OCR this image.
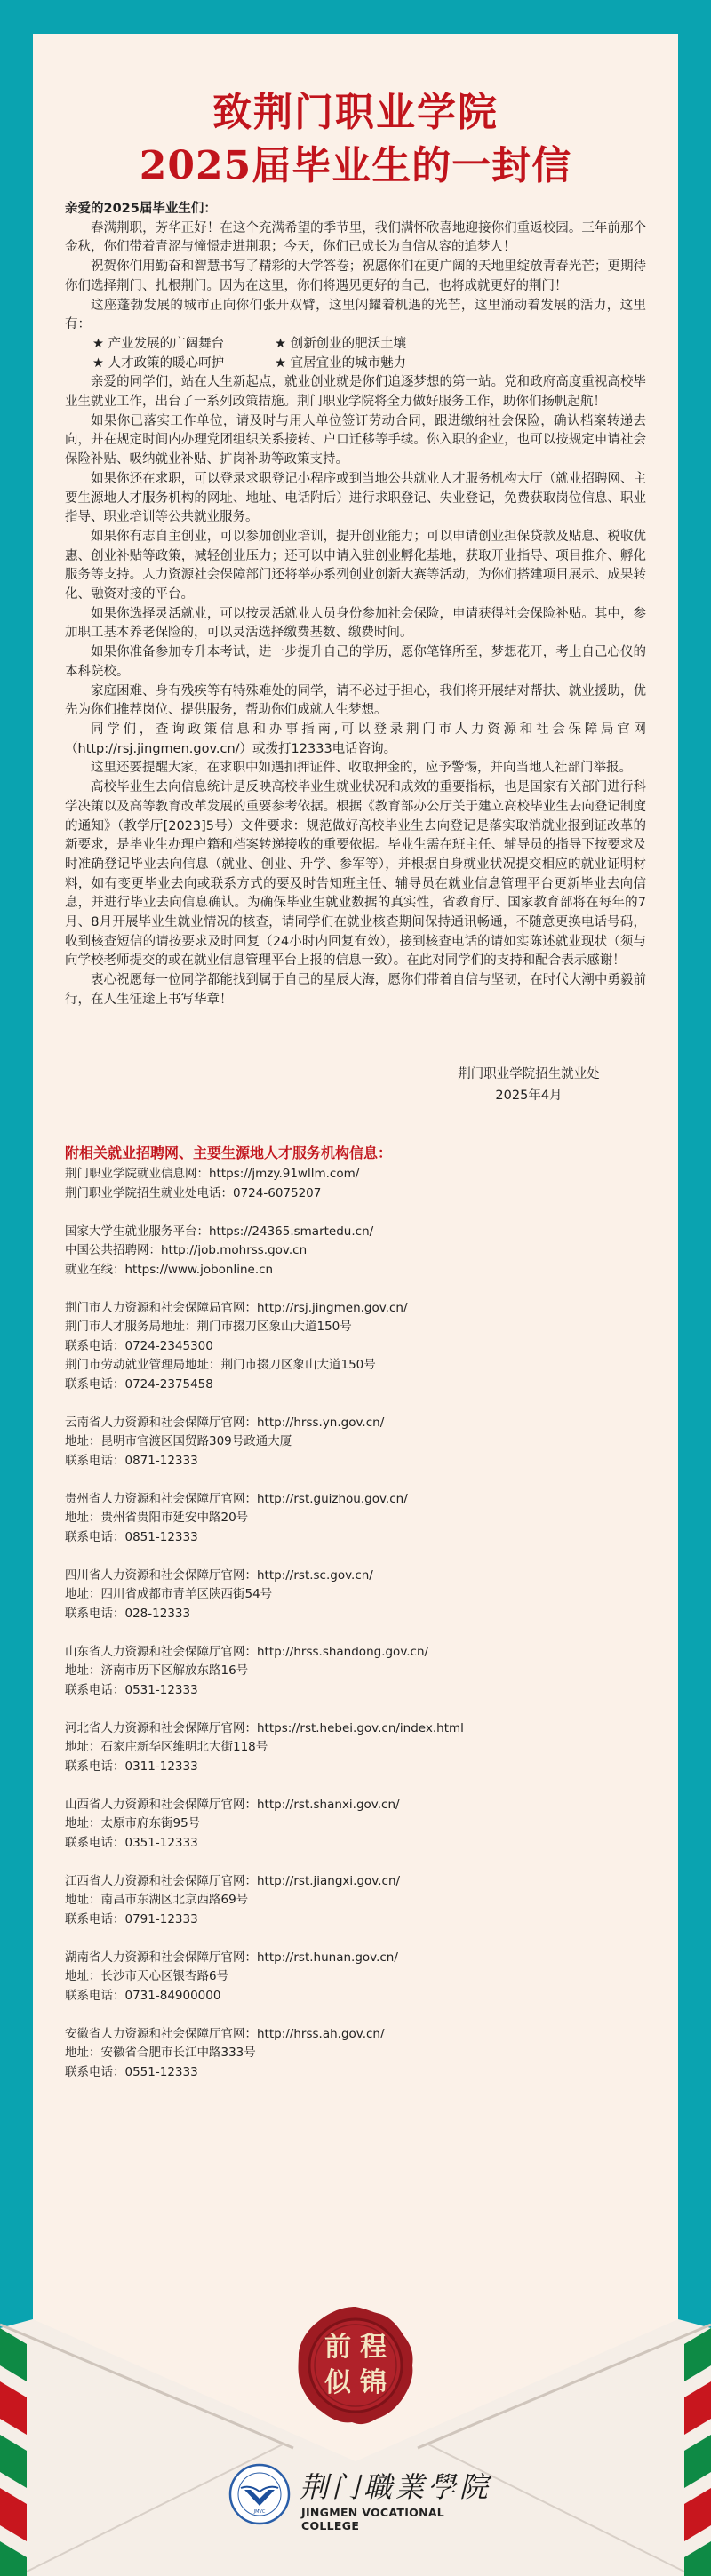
致荆门职业学院
2025届毕业生的一封信

亲爱的2025届毕业生们：

春满荆职，芳华正好！在这个充满希望的季节里，我们满怀欣喜地迎接你们重返校园。三年前那个金秋，你们带着青涩与憧憬走进荆职；今天，你们已成长为自信从容的追梦人！

祝贺你们用勤奋和智慧书写了精彩的大学答卷；祝愿你们在更广阔的天地里绽放青春光芒；更期待你们选择荆门、扎根荆门。因为在这里，你们将遇见更好的自己，也将成就更好的荆门！

这座蓬勃发展的城市正向你们张开双臂，这里闪耀着机遇的光芒，这里涌动着发展的活力，这里有：

★ 产业发展的广阔舞台	★ 创新创业的肥沃土壤
★ 人才政策的暖心呵护	★ 宜居宜业的城市魅力

亲爱的同学们，站在人生新起点，就业创业就是你们追逐梦想的第一站。党和政府高度重视高校毕业生就业工作，出台了一系列政策措施。荆门职业学院将全力做好服务工作，助你们扬帆起航！

如果你已落实工作单位，请及时与用人单位签订劳动合同，跟进缴纳社会保险，确认档案转递去向，并在规定时间内办理党团组织关系接转、户口迁移等手续。你入职的企业，也可以按规定申请社会保险补贴、吸纳就业补贴、扩岗补助等政策支持。

如果你还在求职，可以登录求职登记小程序或到当地公共就业人才服务机构大厅（就业招聘网、主要生源地人才服务机构的网址、地址、电话附后）进行求职登记、失业登记，免费获取岗位信息、职业指导、职业培训等公共就业服务。

如果你有志自主创业，可以参加创业培训，提升创业能力；可以申请创业担保贷款及贴息、税收优惠、创业补贴等政策，减轻创业压力；还可以申请入驻创业孵化基地，获取开业指导、项目推介、孵化服务等支持。人力资源社会保障部门还将举办系列创业创新大赛等活动，为你们搭建项目展示、成果转化、融资对接的平台。

如果你选择灵活就业，可以按灵活就业人员身份参加社会保险，申请获得社会保险补贴。其中，参加职工基本养老保险的，可以灵活选择缴费基数、缴费时间。

如果你准备参加专升本考试，进一步提升自己的学历，愿你笔锋所至，梦想花开，考上自己心仪的本科院校。

家庭困难、身有残疾等有特殊难处的同学，请不必过于担心，我们将开展结对帮扶、就业援助，优先为你们推荐岗位、提供服务，帮助你们成就人生梦想。

同学们，查询政策信息和办事指南,可以登录荆门市人力资源和社会保障局官网（http://rsj.jingmen.gov.cn/）或拨打12333电话咨询。

这里还要提醒大家，在求职中如遇扣押证件、收取押金的，应予警惕，并向当地人社部门举报。

高校毕业生去向信息统计是反映高校毕业生就业状况和成效的重要指标，也是国家有关部门进行科学决策以及高等教育改革发展的重要参考依据。根据《教育部办公厅关于建立高校毕业生去向登记制度的通知》（教学厅[2023]5号）文件要求：规范做好高校毕业生去向登记是落实取消就业报到证改革的新要求，是毕业生办理户籍和档案转递接收的重要依据。毕业生需在班主任、辅导员的指导下按要求及时准确登记毕业去向信息（就业、创业、升学、参军等），并根据自身就业状况提交相应的就业证明材料，如有变更毕业去向或联系方式的要及时告知班主任、辅导员在就业信息管理平台更新毕业去向信息，并进行毕业去向信息确认。为确保毕业生就业数据的真实性，省教育厅、国家教育部将在每年的7月、8月开展毕业生就业情况的核查，请同学们在就业核查期间保持通讯畅通，不随意更换电话号码，收到核查短信的请按要求及时回复（24小时内回复有效），接到核查电话的请如实陈述就业现状（须与向学校老师提交的或在就业信息管理平台上报的信息一致）。在此对同学们的支持和配合表示感谢！

衷心祝愿每一位同学都能找到属于自己的星辰大海，愿你们带着自信与坚韧，在时代大潮中勇毅前行，在人生征途上书写华章！

荆门职业学院招生就业处
2025年4月
附相关就业招聘网、主要生源地人才服务机构信息：
荆门职业学院就业信息网：https://jmzy.91wllm.com/
荆门职业学院招生就业处电话：0724-6075207
国家大学生就业服务平台：https://24365.smartedu.cn/
中国公共招聘网：http://job.mohrss.gov.cn
就业在线：https://www.jobonline.cn
荆门市人力资源和社会保障局官网：http://rsj.jingmen.gov.cn/
荆门市人才服务局地址：荆门市掇刀区象山大道150号
联系电话：0724-2345300
荆门市劳动就业管理局地址：荆门市掇刀区象山大道150号
联系电话：0724-2375458
云南省人力资源和社会保障厅官网：http://hrss.yn.gov.cn/
地址：昆明市官渡区国贸路309号政通大厦
联系电话：0871-12333
贵州省人力资源和社会保障厅官网：http://rst.guizhou.gov.cn/
地址：贵州省贵阳市延安中路20号
联系电话：0851-12333
四川省人力资源和社会保障厅官网：http://rst.sc.gov.cn/
地址：四川省成都市青羊区陕西街54号
联系电话：028-12333
山东省人力资源和社会保障厅官网：http://hrss.shandong.gov.cn/
地址：济南市历下区解放东路16号
联系电话：0531-12333
河北省人力资源和社会保障厅官网：https://rst.hebei.gov.cn/index.html
地址：石家庄新华区维明北大街118号
联系电话：0311-12333
山西省人力资源和社会保障厅官网：http://rst.shanxi.gov.cn/
地址：太原市府东街95号
联系电话：0351-12333
江西省人力资源和社会保障厅官网：http://rst.jiangxi.gov.cn/
地址：南昌市东湖区北京西路69号
联系电话：0791-12333
湖南省人力资源和社会保障厅官网：http://rst.hunan.gov.cn/
地址：长沙市天心区银杏路6号
联系电话：0731-84900000
安徽省人力资源和社会保障厅官网：http://hrss.ah.gov.cn/
地址：安徽省合肥市长江中路333号
联系电话：0551-12333
前 程
似 锦
JMVC
荆门職業學院
JINGMEN VOCATIONAL COLLEGE
